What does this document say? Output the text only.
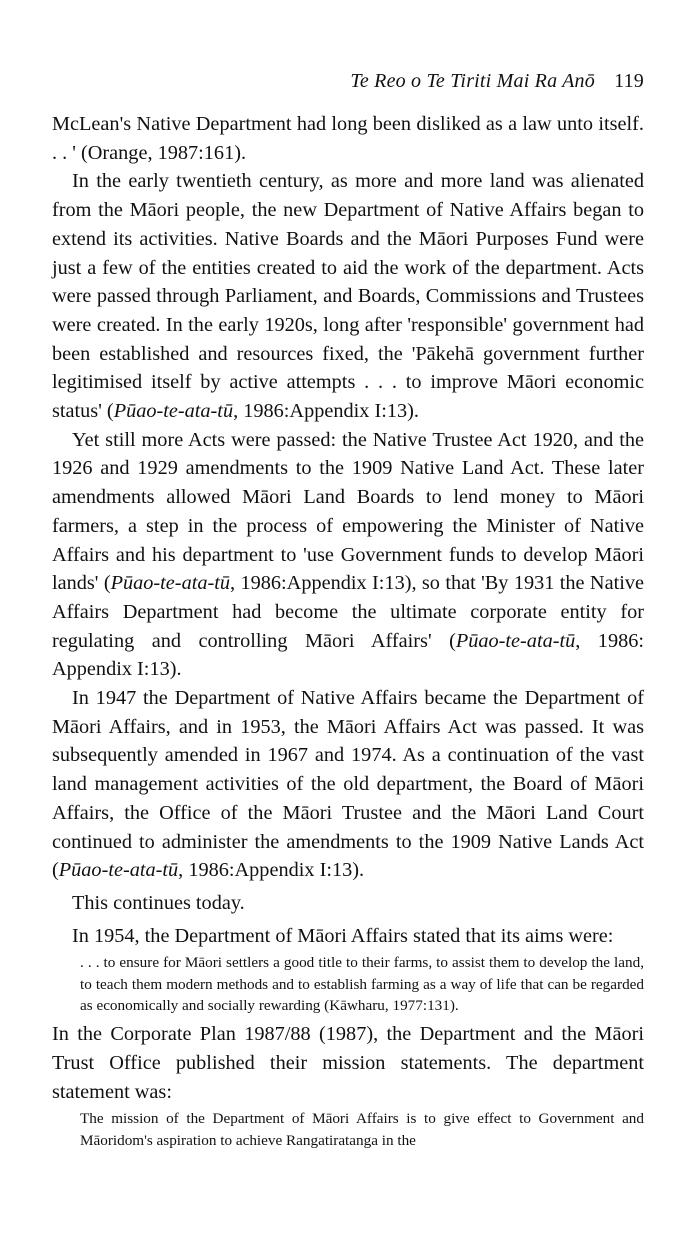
Te Reo o Te Tiriti Mai Ra Anō 119

McLean's Native Department had long been disliked as a law unto itself. . . ' (Orange, 1987:161).

In the early twentieth century, as more and more land was alienated from the Māori people, the new Department of Native Affairs began to extend its activities. Native Boards and the Māori Purposes Fund were just a few of the entities created to aid the work of the department. Acts were passed through Parliament, and Boards, Commissions and Trustees were created. In the early 1920s, long after 'responsible' government had been established and resources fixed, the 'Pākehā government further legitimised itself by active attempts . . . to improve Māori economic status' (Pūao-te-ata-tū, 1986:Appendix I:13).

Yet still more Acts were passed: the Native Trustee Act 1920, and the 1926 and 1929 amendments to the 1909 Native Land Act. These later amendments allowed Māori Land Boards to lend money to Māori farmers, a step in the process of empowering the Minister of Native Affairs and his department to 'use Government funds to develop Māori lands' (Pūao-te-ata-tū, 1986:Appendix I:13), so that 'By 1931 the Native Affairs Department had become the ultimate corporate entity for regulating and controlling Māori Affairs' (Pūao-te-ata-tū, 1986: Appendix I:13).

In 1947 the Department of Native Affairs became the Department of Māori Affairs, and in 1953, the Māori Affairs Act was passed. It was subsequently amended in 1967 and 1974. As a continuation of the vast land management activities of the old department, the Board of Māori Affairs, the Office of the Māori Trustee and the Māori Land Court continued to administer the amendments to the 1909 Native Lands Act (Pūao-te-ata-tū, 1986:Appendix I:13).

This continues today.

In 1954, the Department of Māori Affairs stated that its aims were:

. . . to ensure for Māori settlers a good title to their farms, to assist them to develop the land, to teach them modern methods and to establish farming as a way of life that can be regarded as economically and socially rewarding (Kāwharu, 1977:131).

In the Corporate Plan 1987/88 (1987), the Department and the Māori Trust Office published their mission statements. The department statement was:

The mission of the Department of Māori Affairs is to give effect to Government and Māoridom's aspiration to achieve Rangatiratanga in the
